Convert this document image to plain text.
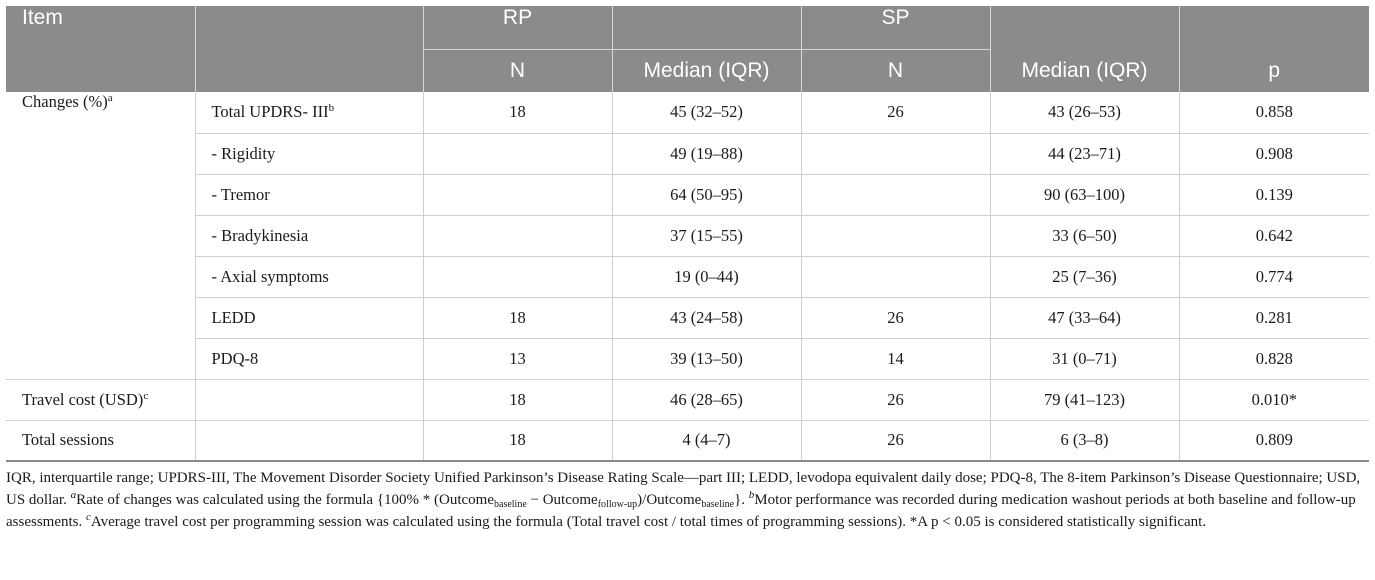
Item		RP		SP		
		N	Median (IQR)	N	Median (IQR)	p
Changes (%)$^a$	Total UPDRS- III$^b$	18	45 (32–52)	26	43 (26–53)	0.858
	- Rigidity		49 (19–88)		44 (23–71)	0.908
	- Tremor		64 (50–95)		90 (63–100)	0.139
	- Bradykinesia		37 (15–55)		33 (6–50)	0.642
	- Axial symptoms		19 (0–44)		25 (7–36)	0.774
	LEDD	18	43 (24–58)	26	47 (33–64)	0.281
	PDQ-8	13	39 (13–50)	14	31 (0–71)	0.828
Travel cost (USD)$^c$		18	46 (28–65)	26	79 (41–123)	0.010*
Total sessions		18	4 (4–7)	26	6 (3–8)	0.809
IQR, interquartile range; UPDRS-III, The Movement Disorder Society Unified Parkinson’s Disease Rating Scale—part III; LEDD, levodopa equivalent daily dose; PDQ-8, The 8-item Parkinson’s Disease Questionnaire; USD, US dollar. $^a$Rate of changes was calculated using the formula {100% * (Outcome$_{baseline}$ − Outcome$_{follow-up}$)/Outcome$_{baseline}$}. $^b$Motor performance was recorded during medication washout periods at both baseline and follow-up assessments. $^c$Average travel cost per programming session was calculated using the formula (Total travel cost / total times of programming sessions). *A p < 0.05 is considered statistically significant.
